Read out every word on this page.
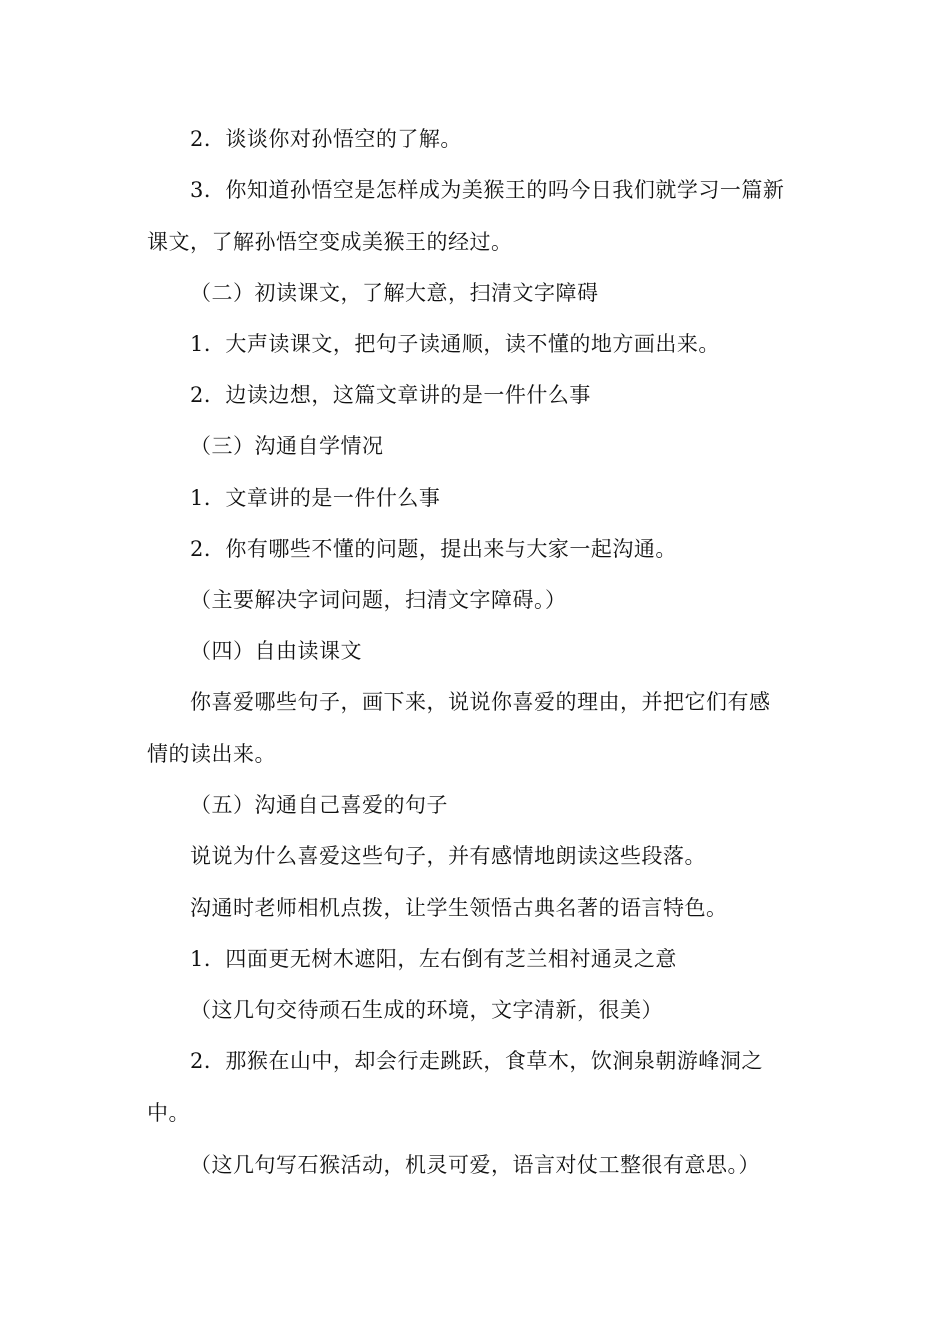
2．谈谈你对孙悟空的了解。
3．你知道孙悟空是怎样成为美猴王的吗今日我们就学习一篇新
课文，了解孙悟空变成美猴王的经过。
（二）初读课文，了解大意，扫清文字障碍
1．大声读课文，把句子读通顺，读不懂的地方画出来。
2．边读边想，这篇文章讲的是一件什么事
（三）沟通自学情况
1．文章讲的是一件什么事
2．你有哪些不懂的问题，提出来与大家一起沟通。
（主要解决字词问题，扫清文字障碍。）
（四）自由读课文
你喜爱哪些句子，画下来，说说你喜爱的理由，并把它们有感
情的读出来。
（五）沟通自己喜爱的句子
说说为什么喜爱这些句子，并有感情地朗读这些段落。
沟通时老师相机点拨，让学生领悟古典名著的语言特色。
1．四面更无树木遮阳，左右倒有芝兰相衬通灵之意
（这几句交待顽石生成的环境，文字清新，很美）
2．那猴在山中，却会行走跳跃，食草木，饮涧泉朝游峰洞之
中。
（这几句写石猴活动，机灵可爱，语言对仗工整很有意思。）
